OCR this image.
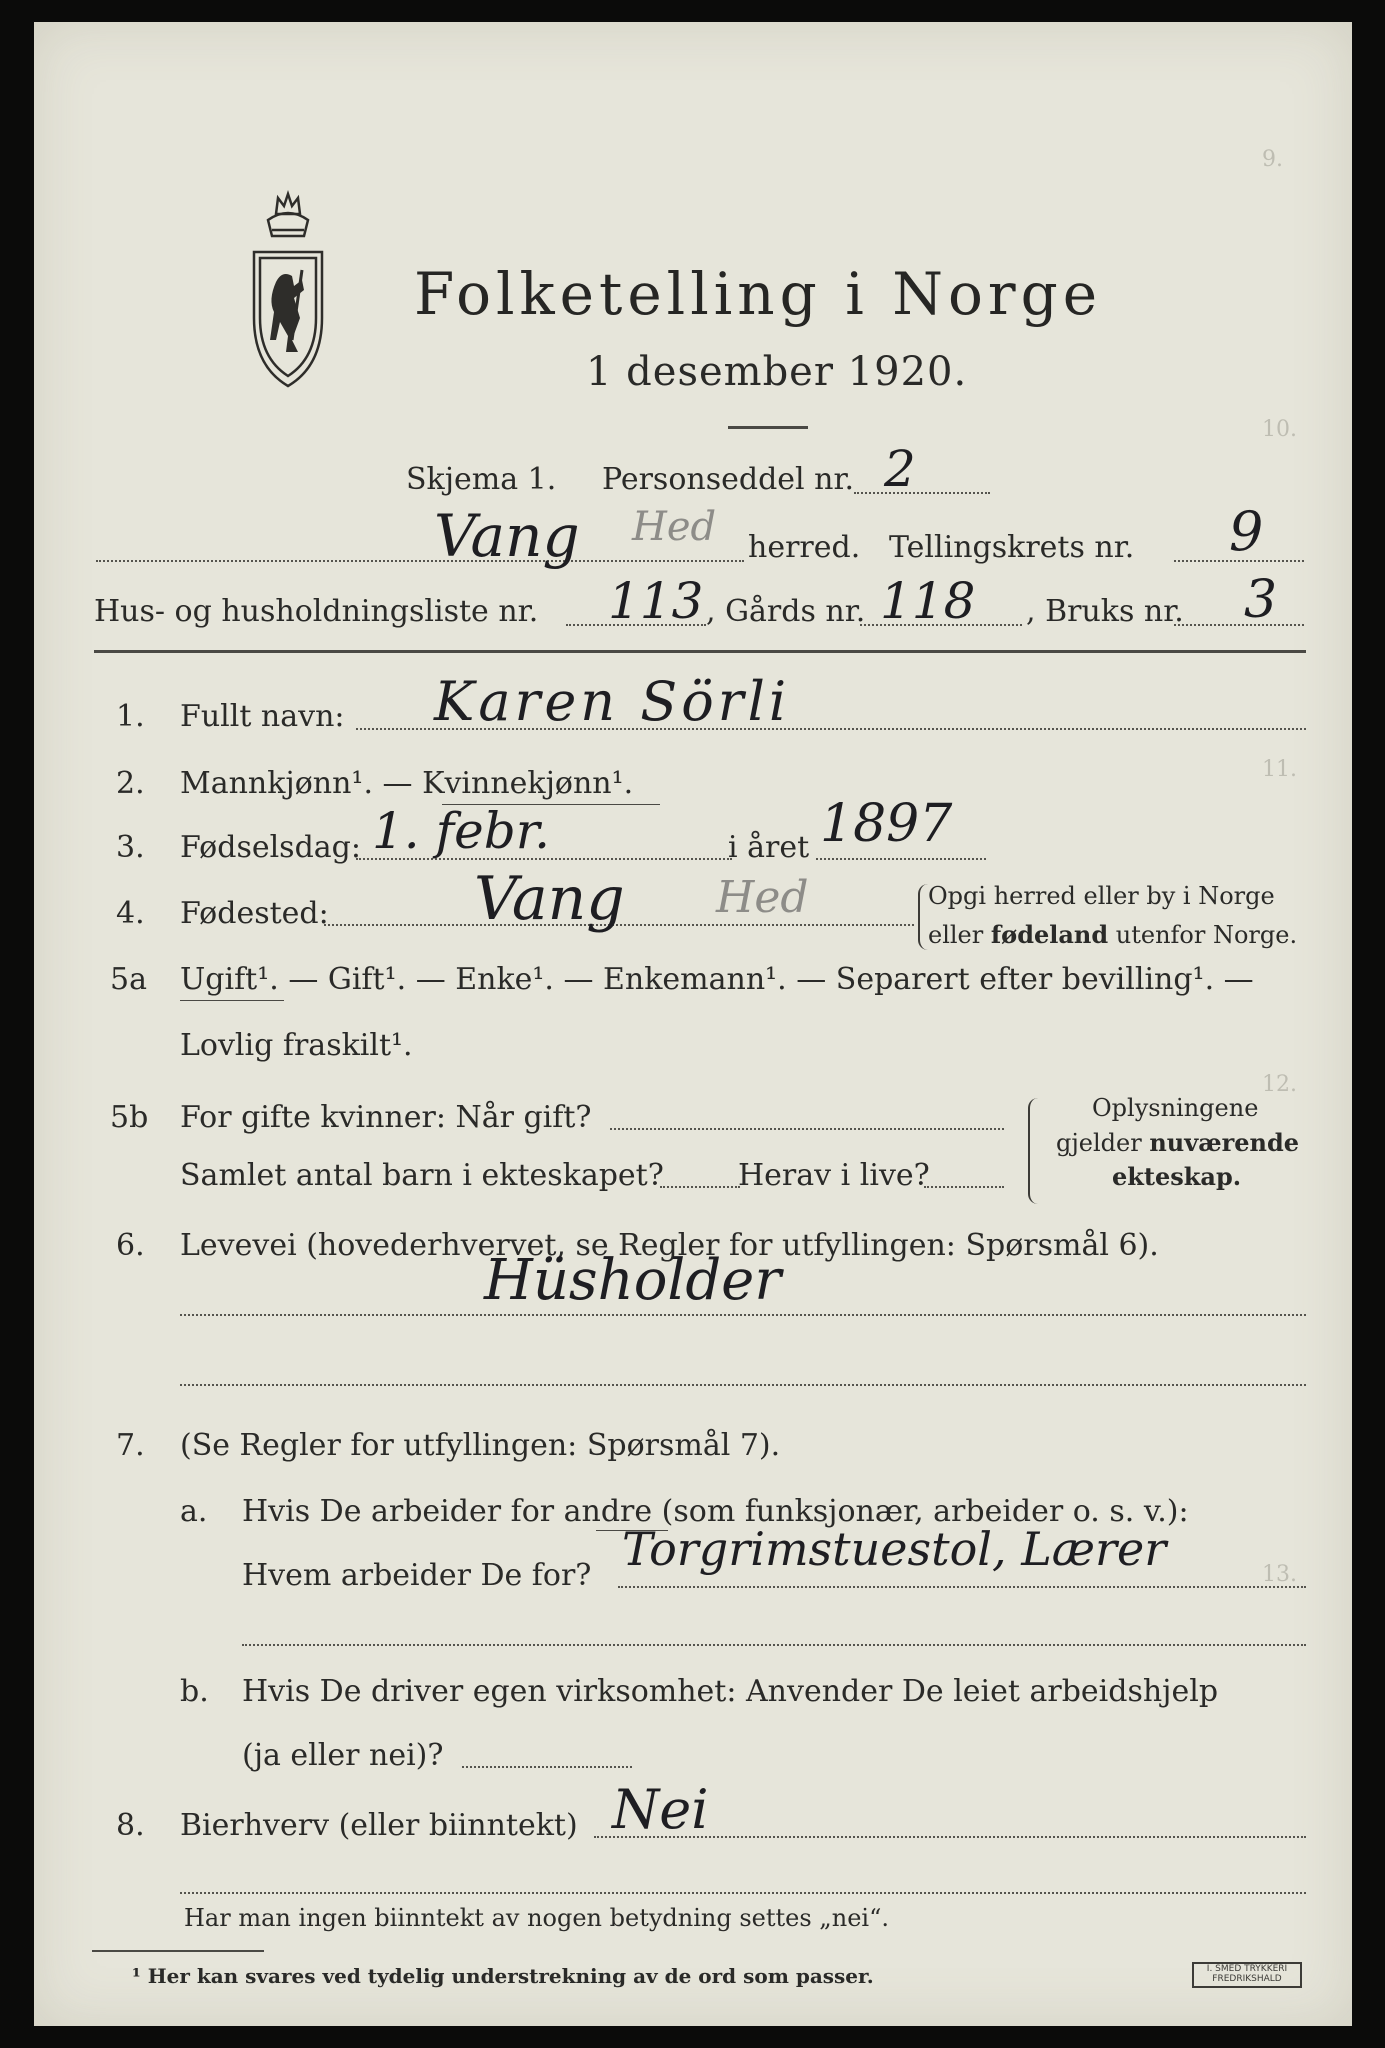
9.
10.
11.
12.
13.
Folketelling i Norge
1 desember 1920.
Skjema 1. Personseddel nr. 2
Vang Hed herred. Tellingskrets nr. 9
Hus- og husholdningsliste nr. 113 , Gårds nr. 118 , Bruks nr. 3
1. Fullt navn: Karen Sörli
2. Mannkjønn¹. — Kvinnekjønn¹.
3. Fødselsdag: 1. febr.	i året 1897
4. Fødested: Vang Hed	Opgi herred eller by i Norge
eller fødeland utenfor Norge.
5a Ugift¹. — Gift¹. — Enke¹. — Enkemann¹. — Separert efter bevilling¹. —
Lovlig fraskilt¹.
5b For gifte kvinner: Når gift?
Samlet antal barn i ekteskapet? Herav i live?
Oplysningene
gjelder nuværende
ekteskap.
6. Levevei (hovederhvervet, se Regler for utfyllingen: Spørsmål 6).
Hüsholder
7. (Se Regler for utfyllingen: Spørsmål 7).
a. Hvis De arbeider for andre (som funksjonær, arbeider o. s. v.):
Hvem arbeider De for? Torgrimstuestol, Lærer
b. Hvis De driver egen virksomhet: Anvender De leiet arbeidshjelp
(ja eller nei)?
8. Bierhverv (eller biinntekt) Nei
Har man ingen biinntekt av nogen betydning settes „nei“.
¹ Her kan svares ved tydelig understrekning av de ord som passer.	I. SMED TRYKKERI FREDRIKSHALD
